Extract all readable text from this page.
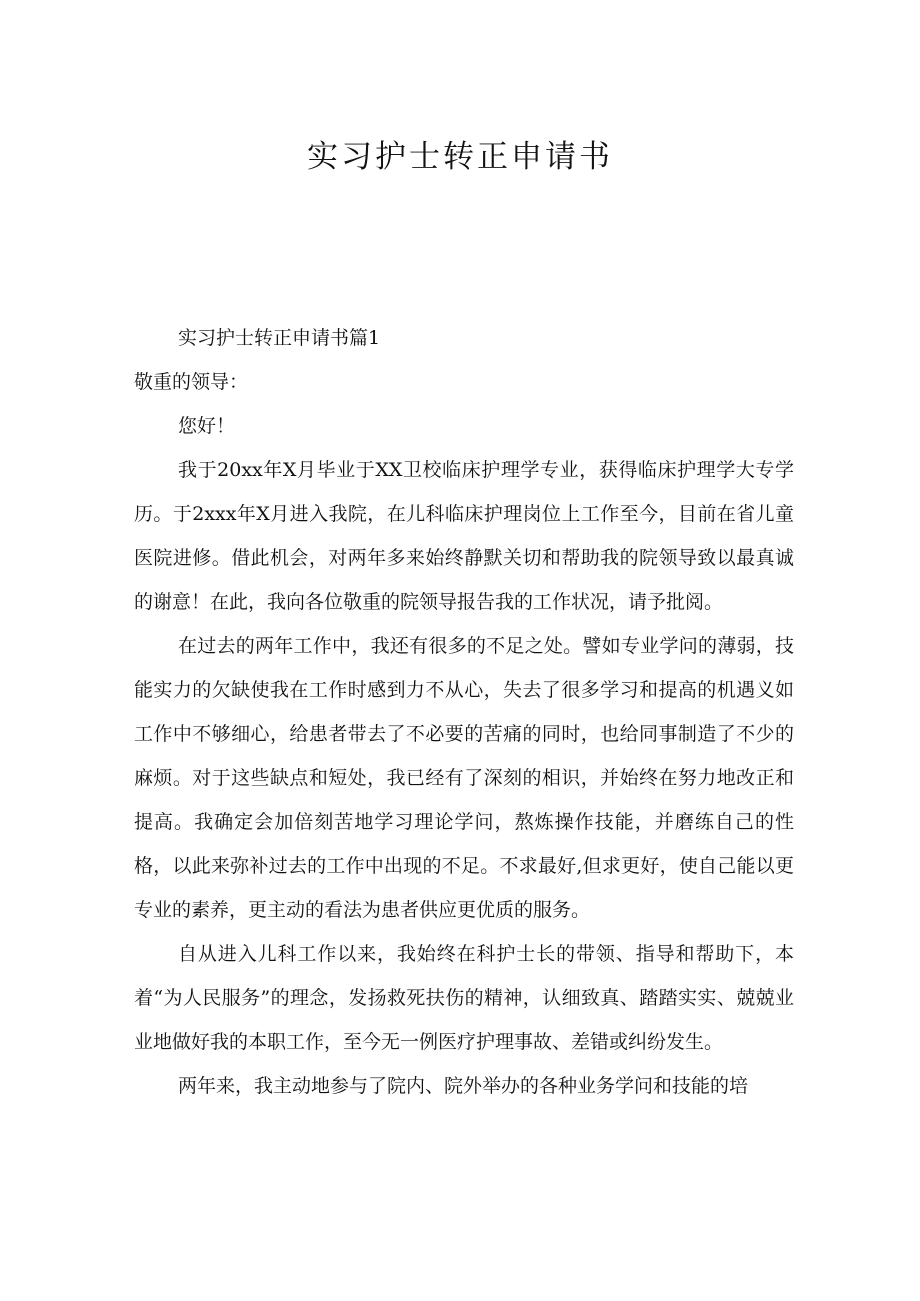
实习护士转正申请书

实习护士转正申请书篇1

敬重的领导：

您好！

我于20xx年X月毕业于XX卫校临床护理学专业，获得临床护理学大专学历。于2xxx年X月进入我院，在儿科临床护理岗位上工作至今，目前在省儿童医院进修。借此机会，对两年多来始终静默关切和帮助我的院领导致以最真诚的谢意！在此，我向各位敬重的院领导报告我的工作状况，请予批阅。

在过去的两年工作中，我还有很多的不足之处。譬如专业学问的薄弱，技能实力的欠缺使我在工作时感到力不从心，失去了很多学习和提高的机遇义如工作中不够细心，给患者带去了不必要的苦痛的同时，也给同事制造了不少的麻烦。对于这些缺点和短处，我已经有了深刻的相识，并始终在努力地改正和提高。我确定会加倍刻苦地学习理论学问，熬炼操作技能，并磨练自己的性格，以此来弥补过去的工作中出现的不足。不求最好,但求更好，使自己能以更专业的素养，更主动的看法为患者供应更优质的服务。

自从进入儿科工作以来，我始终在科护士长的带领、指导和帮助下，本着“为人民服务”的理念，发扬救死扶伤的精神，认细致真、踏踏实实、兢兢业业地做好我的本职工作，至今无一例医疗护理事故、差错或纠纷发生。

两年来，我主动地参与了院内、院外举办的各种业务学问和技能的培
